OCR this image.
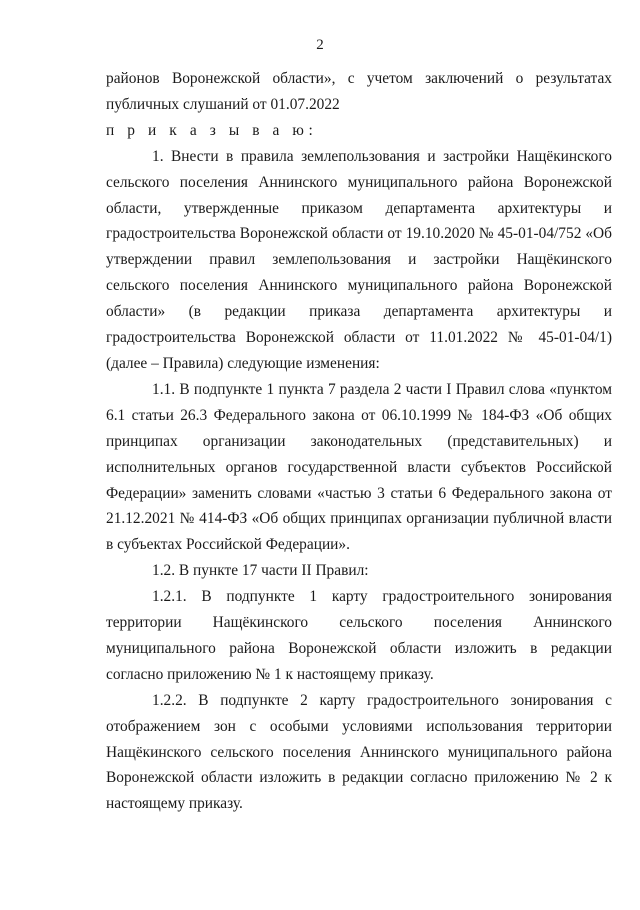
2

районов Воронежской области», с учетом заключений о результатах публичных слушаний от 01.07.2022

п р и к а з ы в а ю:

1. Внести в правила землепользования и застройки Нащёкинского сельского поселения Аннинского муниципального района Воронежской области, утвержденные приказом департамента архитектуры и градостроительства Воронежской области от 19.10.2020 № 45-01-04/752 «Об утверждении правил землепользования и застройки Нащёкинского сельского поселения Аннинского муниципального района Воронежской области» (в редакции приказа департамента архитектуры и градостроительства Воронежской области от 11.01.2022 № 45-01-04/1) (далее – Правила) следующие изменения:

1.1. В подпункте 1 пункта 7 раздела 2 части I Правил слова «пунктом 6.1 статьи 26.3 Федерального закона от 06.10.1999 № 184-ФЗ «Об общих принципах организации законодательных (представительных) и исполнительных органов государственной власти субъектов Российской Федерации» заменить словами «частью 3 статьи 6 Федерального закона от 21.12.2021 № 414-ФЗ «Об общих принципах организации публичной власти в субъектах Российской Федерации».

1.2. В пункте 17 части II Правил:

1.2.1. В подпункте 1 карту градостроительного зонирования территории Нащёкинского сельского поселения Аннинского муниципального района Воронежской области изложить в редакции согласно приложению № 1 к настоящему приказу.

1.2.2. В подпункте 2 карту градостроительного зонирования с отображением зон с особыми условиями использования территории Нащёкинского сельского поселения Аннинского муниципального района Воронежской области изложить в редакции согласно приложению № 2 к настоящему приказу.
